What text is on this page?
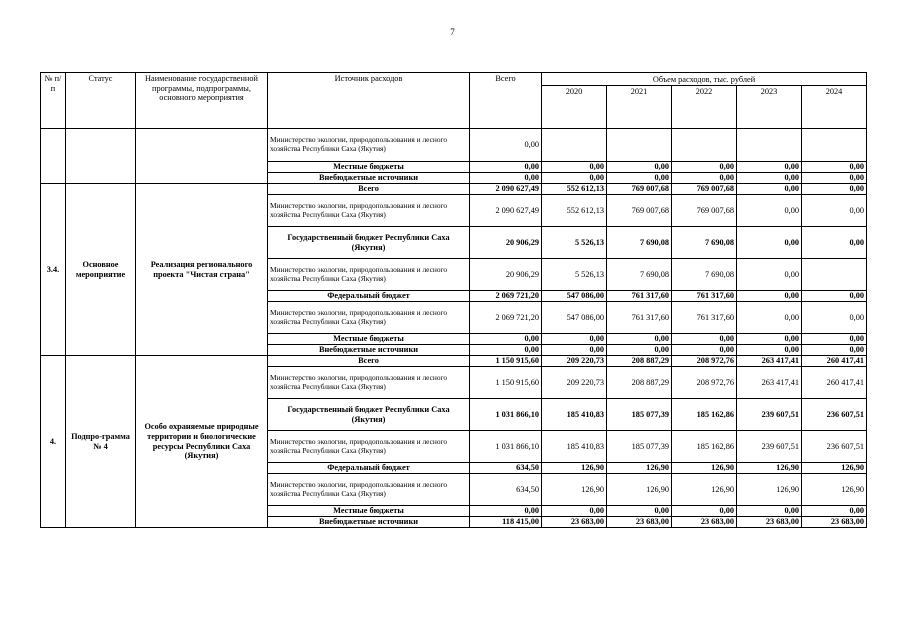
7
№ п/п	Статус	Наименование государственной программы, подпрограммы, основного мероприятия	Источник расходов	Всего	Объем расходов, тыс. рублей				
					2020	2021	2022	2023	2024
			Министерство экологии, природопользования и лесного хозяйства Республики Саха (Якутия)	0,00					
			Местные бюджеты	0,00	0,00	0,00	0,00	0,00	0,00
			Внебюджетные источники	0,00	0,00	0,00	0,00	0,00	0,00
3.4.	Основное мероприятие	Реализация регионального проекта "Чистая страна"	Всего	2 090 627,49	552 612,13	769 007,68	769 007,68	0,00	0,00
			Министерство экологии, природопользования и лесного хозяйства Республики Саха (Якутия)	2 090 627,49	552 612,13	769 007,68	769 007,68	0,00	0,00
			Государственный бюджет Республики Саха (Якутия)	20 906,29	5 526,13	7 690,08	7 690,08	0,00	0,00
			Министерство экологии, природопользования и лесного хозяйства Республики Саха (Якутия)	20 906,29	5 526,13	7 690,08	7 690,08	0,00	
			Федеральный бюджет	2 069 721,20	547 086,00	761 317,60	761 317,60	0,00	0,00
			Министерство экологии, природопользования и лесного хозяйства Республики Саха (Якутия)	2 069 721,20	547 086,00	761 317,60	761 317,60	0,00	0,00
			Местные бюджеты	0,00	0,00	0,00	0,00	0,00	0,00
			Внебюджетные источники	0,00	0,00	0,00	0,00	0,00	0,00
4.	Подпро-грамма № 4	Особо охраняемые природные территории и биологические ресурсы Республики Саха (Якутия)	Всего	1 150 915,60	209 220,73	208 887,29	208 972,76	263 417,41	260 417,41
			Министерство экологии, природопользования и лесного хозяйства Республики Саха (Якутия)	1 150 915,60	209 220,73	208 887,29	208 972,76	263 417,41	260 417,41
			Государственный бюджет Республики Саха (Якутия)	1 031 866,10	185 410,83	185 077,39	185 162,86	239 607,51	236 607,51
			Министерство экологии, природопользования и лесного хозяйства Республики Саха (Якутия)	1 031 866,10	185 410,83	185 077,39	185 162,86	239 607,51	236 607,51
			Федеральный бюджет	634,50	126,90	126,90	126,90	126,90	126,90
			Министерство экологии, природопользования и лесного хозяйства Республики Саха (Якутия)	634,50	126,90	126,90	126,90	126,90	126,90
			Местные бюджеты	0,00	0,00	0,00	0,00	0,00	0,00
			Внебюджетные источники	118 415,00	23 683,00	23 683,00	23 683,00	23 683,00	23 683,00
